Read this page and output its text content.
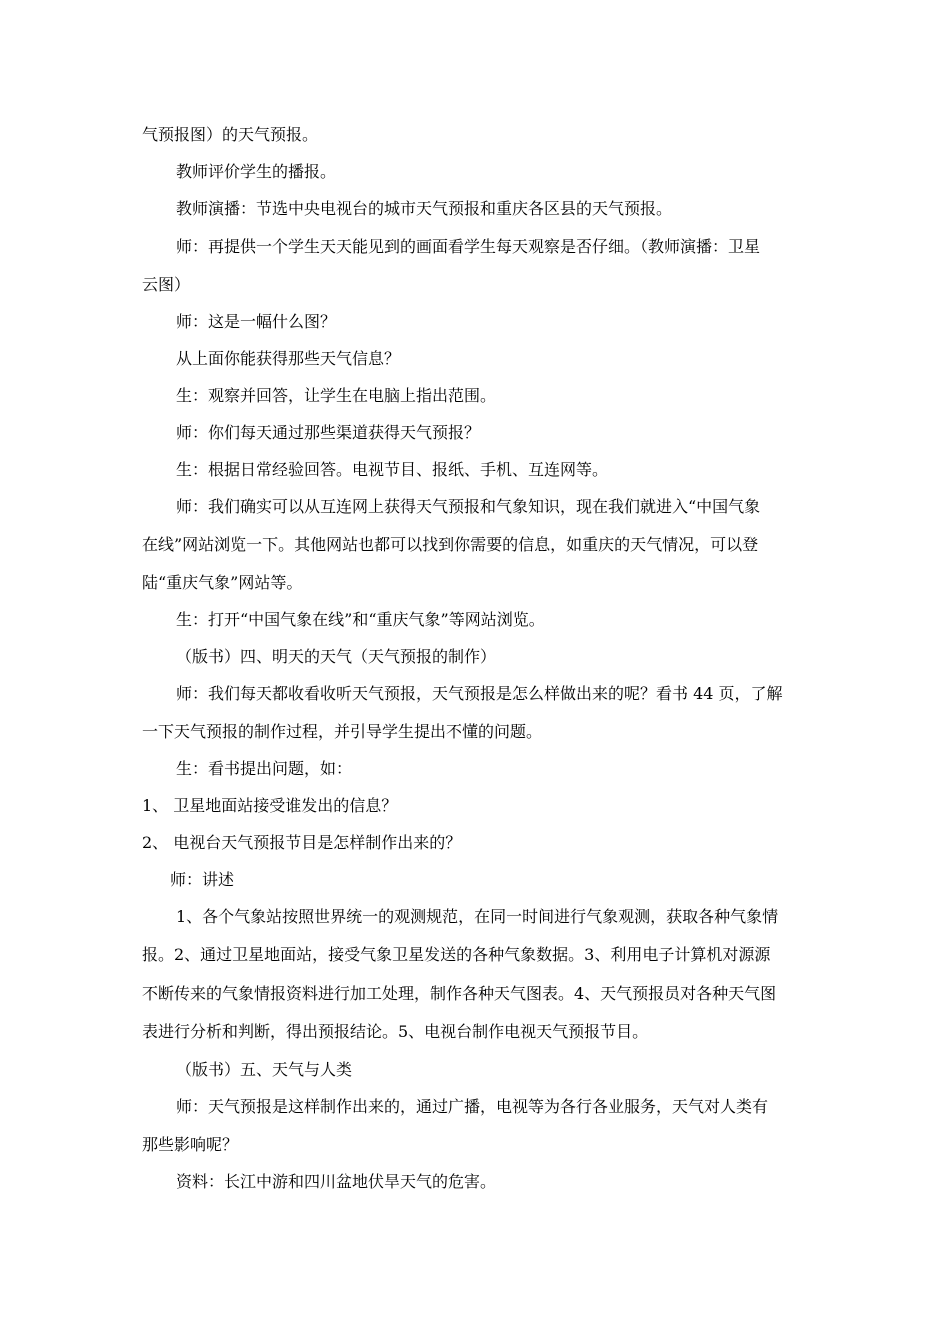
气预报图）的天气预报。
教师评价学生的播报。
教师演播：节选中央电视台的城市天气预报和重庆各区县的天气预报。
师：再提供一个学生天天能见到的画面看学生每天观察是否仔细。（教师演播：卫星
云图）
师：这是一幅什么图？
从上面你能获得那些天气信息？
生：观察并回答，让学生在电脑上指出范围。
师：你们每天通过那些渠道获得天气预报？
生：根据日常经验回答。电视节目、报纸、手机、互连网等。
师：我们确实可以从互连网上获得天气预报和气象知识，现在我们就进入“中国气象
在线”网站浏览一下。其他网站也都可以找到你需要的信息，如重庆的天气情况，可以登
陆“重庆气象”网站等。
生：打开“中国气象在线”和“重庆气象”等网站浏览。
（版书）四、明天的天气（天气预报的制作）
师：我们每天都收看收听天气预报，天气预报是怎么样做出来的呢？看书 44 页，了解
一下天气预报的制作过程，并引导学生提出不懂的问题。
生：看书提出问题，如：
1、 卫星地面站接受谁发出的信息？
2、 电视台天气预报节目是怎样制作出来的？
师：讲述
1、各个气象站按照世界统一的观测规范，在同一时间进行气象观测，获取各种气象情
报。2、通过卫星地面站，接受气象卫星发送的各种气象数据。3、利用电子计算机对源源
不断传来的气象情报资料进行加工处理，制作各种天气图表。4、天气预报员对各种天气图
表进行分析和判断，得出预报结论。5、电视台制作电视天气预报节目。
（版书）五、天气与人类
师：天气预报是这样制作出来的，通过广播，电视等为各行各业服务，天气对人类有
那些影响呢？
资料：长江中游和四川盆地伏旱天气的危害。
